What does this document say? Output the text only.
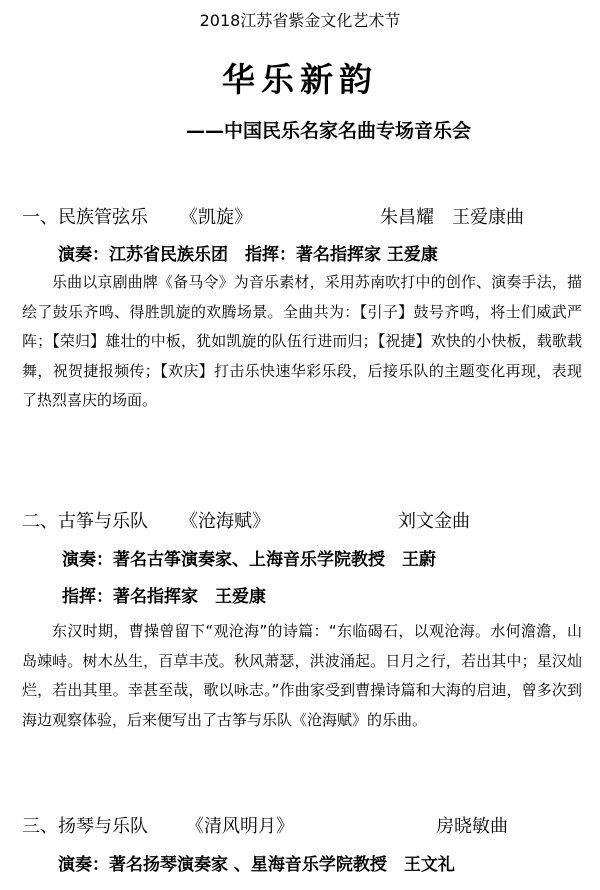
2018江苏省紫金文化艺术节
华乐新韵
——中国民乐名家名曲专场音乐会
一、民族管弦乐 《凯旋》	朱昌耀　王爱康曲
演奏：江苏省民族乐团　指挥：著名指挥家 王爱康
乐曲以京剧曲牌《备马令》为音乐素材，采用苏南吹打中的创作、演奏手法，描绘了鼓乐齐鸣、得胜凯旋的欢腾场景。全曲共为：【引子】鼓号齐鸣，将士们威武严阵；【荣归】雄壮的中板，犹如凯旋的队伍行进而归；【祝捷】欢快的小快板，载歌载舞，祝贺捷报频传；【欢庆】打击乐快速华彩乐段，后接乐队的主题变化再现，表现了热烈喜庆的场面。
二、古筝与乐队 《沧海赋》	刘文金曲
演奏：著名古筝演奏家、上海音乐学院教授　王蔚
指挥：著名指挥家　王爱康
东汉时期，曹操曾留下“观沧海”的诗篇：“东临碣石，以观沧海。水何澹澹，山岛竦峙。树木丛生，百草丰茂。秋风萧瑟，洪波涌起。日月之行，若出其中；星汉灿烂，若出其里。幸甚至哉，歌以咏志。”作曲家受到曹操诗篇和大海的启迪，曾多次到海边观察体验，后来便写出了古筝与乐队《沧海赋》的乐曲。
三、扬琴与乐队 《清风明月》	房晓敏曲
演奏：著名扬琴演奏家 、星海音乐学院教授　王文礼
